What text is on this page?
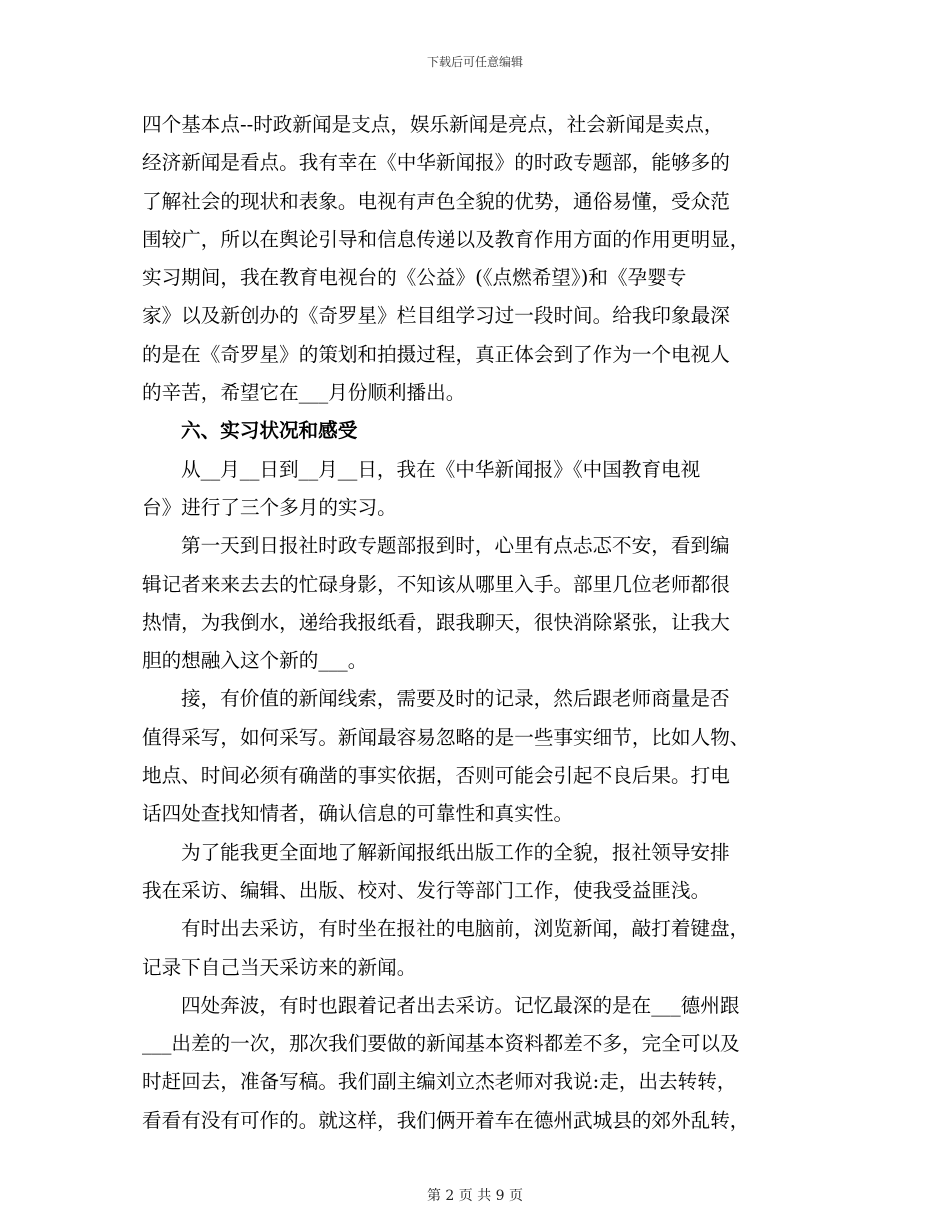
下载后可任意编辑
四个基本点--时政新闻是支点，娱乐新闻是亮点，社会新闻是卖点，
经济新闻是看点。我有幸在《中华新闻报》的时政专题部，能够多的
了解社会的现状和表象。电视有声色全貌的优势，通俗易懂，受众范
围较广，所以在舆论引导和信息传递以及教育作用方面的作用更明显，
实习期间，我在教育电视台的《公益》(《点燃希望》)和《孕婴专
家》以及新创办的《奇罗星》栏目组学习过一段时间。给我印象最深
的是在《奇罗星》的策划和拍摄过程，真正体会到了作为一个电视人
的辛苦，希望它在___月份顺利播出。
六、实习状况和感受
从__月__日到__月__日，我在《中华新闻报》《中国教育电视
台》进行了三个多月的实习。
第一天到日报社时政专题部报到时，心里有点忐忑不安，看到编
辑记者来来去去的忙碌身影，不知该从哪里入手。部里几位老师都很
热情，为我倒水，递给我报纸看，跟我聊天，很快消除紧张，让我大
胆的想融入这个新的___。
接，有价值的新闻线索，需要及时的记录，然后跟老师商量是否
值得采写，如何采写。新闻最容易忽略的是一些事实细节，比如人物、
地点、时间必须有确凿的事实依据，否则可能会引起不良后果。打电
话四处查找知情者，确认信息的可靠性和真实性。
为了能我更全面地了解新闻报纸出版工作的全貌，报社领导安排
我在采访、编辑、出版、校对、发行等部门工作，使我受益匪浅。
有时出去采访，有时坐在报社的电脑前，浏览新闻，敲打着键盘，
记录下自己当天采访来的新闻。
四处奔波，有时也跟着记者出去采访。记忆最深的是在___德州跟
___出差的一次，那次我们要做的新闻基本资料都差不多，完全可以及
时赶回去，准备写稿。我们副主编刘立杰老师对我说:走，出去转转，
看看有没有可作的。就这样，我们俩开着车在德州武城县的郊外乱转，
第 2 页 共 9 页
